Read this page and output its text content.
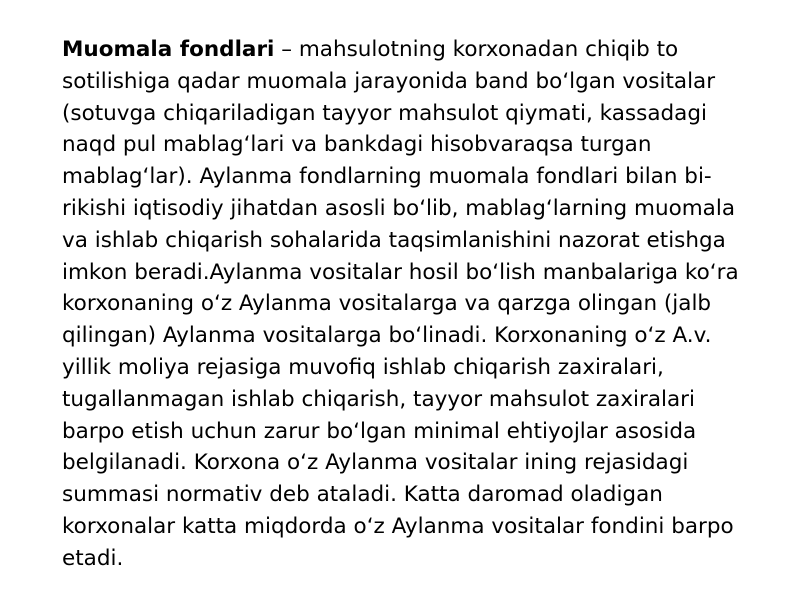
Muomala fondlari – mahsulotning korxonadan chiqib to
sotilishiga qadar muomala jarayonida band bo‘lgan vositalar
(sotuvga chiqariladigan tayyor mahsulot qiymati, kassadagi
naqd pul mablag‘lari va bankdagi hisobvaraqsa turgan
mablag‘lar). Aylanma fondlarning muomala fondlari bilan bi-
rikishi iqtisodiy jihatdan asosli bo‘lib, mablag‘larning muomala
va ishlab chiqarish sohalarida taqsimlanishini nazorat etishga
imkon beradi.Aylanma vositalar hosil bo‘lish manbalariga ko‘ra
korxonaning o‘z Aylanma vositalarga va qarzga olingan (jalb
qilingan) Aylanma vositalarga bo‘linadi. Korxonaning o‘z A.v.
yillik moliya rejasiga muvofiq ishlab chiqarish zaxiralari,
tugallanmagan ishlab chiqarish, tayyor mahsulot zaxiralari
barpo etish uchun zarur bo‘lgan minimal ehtiyojlar asosida
belgilanadi. Korxona o‘z Aylanma vositalar ining rejasidagi
summasi normativ deb ataladi. Katta daromad oladigan
korxonalar katta miqdorda o‘z Aylanma vositalar fondini barpo
etadi.
